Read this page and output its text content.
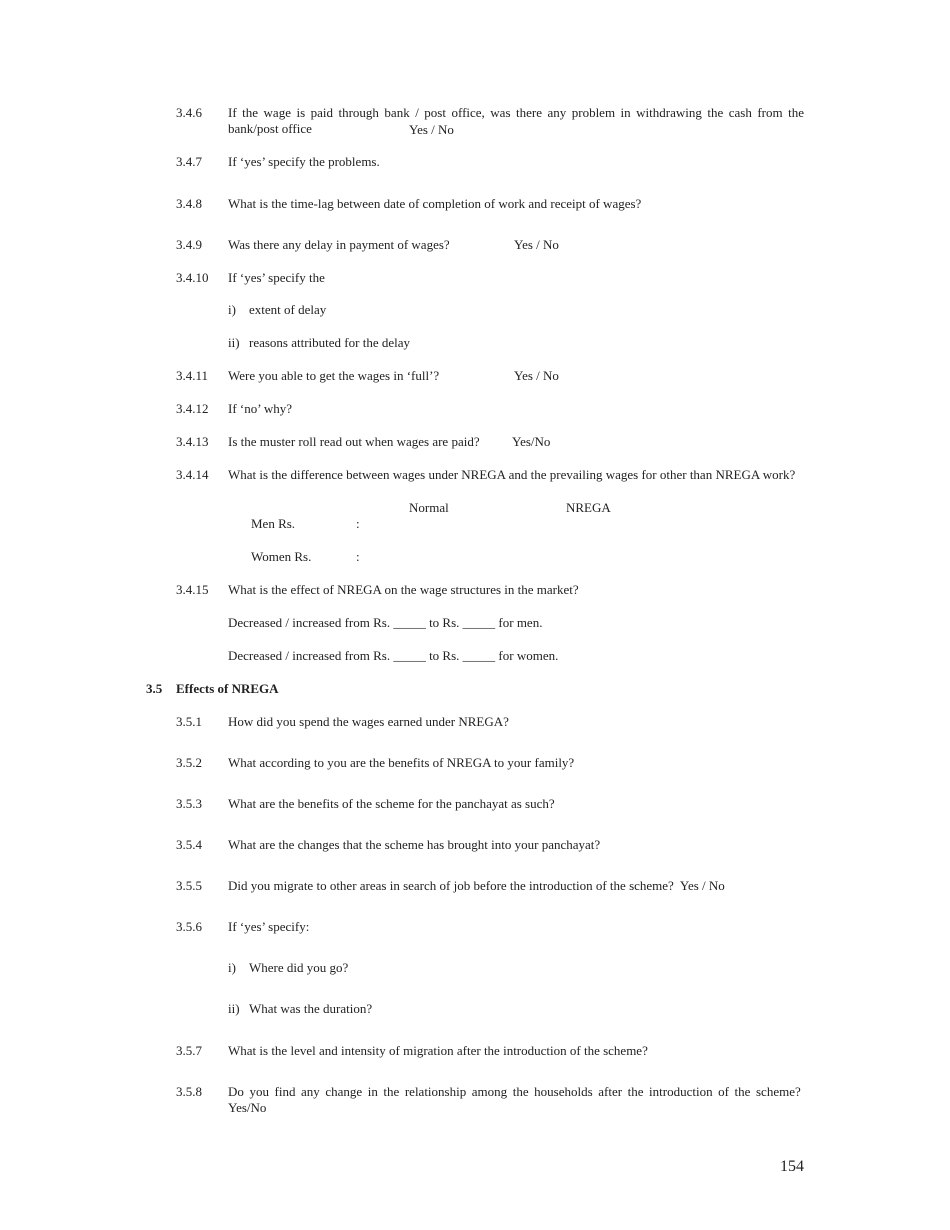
3.4.6	If the wage is paid through bank / post office, was there any problem in withdrawing the cash from the bank/post office	Yes / No
3.4.7	If ‘yes’ specify the problems.
3.4.8	What is the time-lag between date of completion of work and receipt of wages?
3.4.9	Was there any delay in payment of wages?	Yes / No
3.4.10	If ‘yes’ specify the
i) extent of delay
ii) reasons attributed for the delay
3.4.11	Were you able to get the wages in ‘full’?	Yes / No
3.4.12	If ‘no’ why?
3.4.13	Is the muster roll read out when wages are paid?	Yes/No
3.4.14	What is the difference between wages under NREGA and the prevailing wages for other than NREGA work?
Normal	NREGA
Men Rs.	:
Women Rs.	:
3.4.15	What is the effect of NREGA on the wage structures in the market?
Decreased / increased from Rs. _____ to Rs. _____ for men.
Decreased / increased from Rs. _____ to Rs. _____ for women.
3.5 Effects of NREGA
3.5.1	How did you spend the wages earned under NREGA?
3.5.2	What according to you are the benefits of NREGA to your family?
3.5.3	What are the benefits of the scheme for the panchayat as such?
3.5.4	What are the changes that the scheme has brought into your panchayat?
3.5.5	Did you migrate to other areas in search of job before the introduction of the scheme? Yes / No
3.5.6	If ‘yes’ specify:
i) Where did you go?
ii) What was the duration?
3.5.7	What is the level and intensity of migration after the introduction of the scheme?
3.5.8	Do you find any change in the relationship among the households after the introduction of the scheme?  Yes/No
154
